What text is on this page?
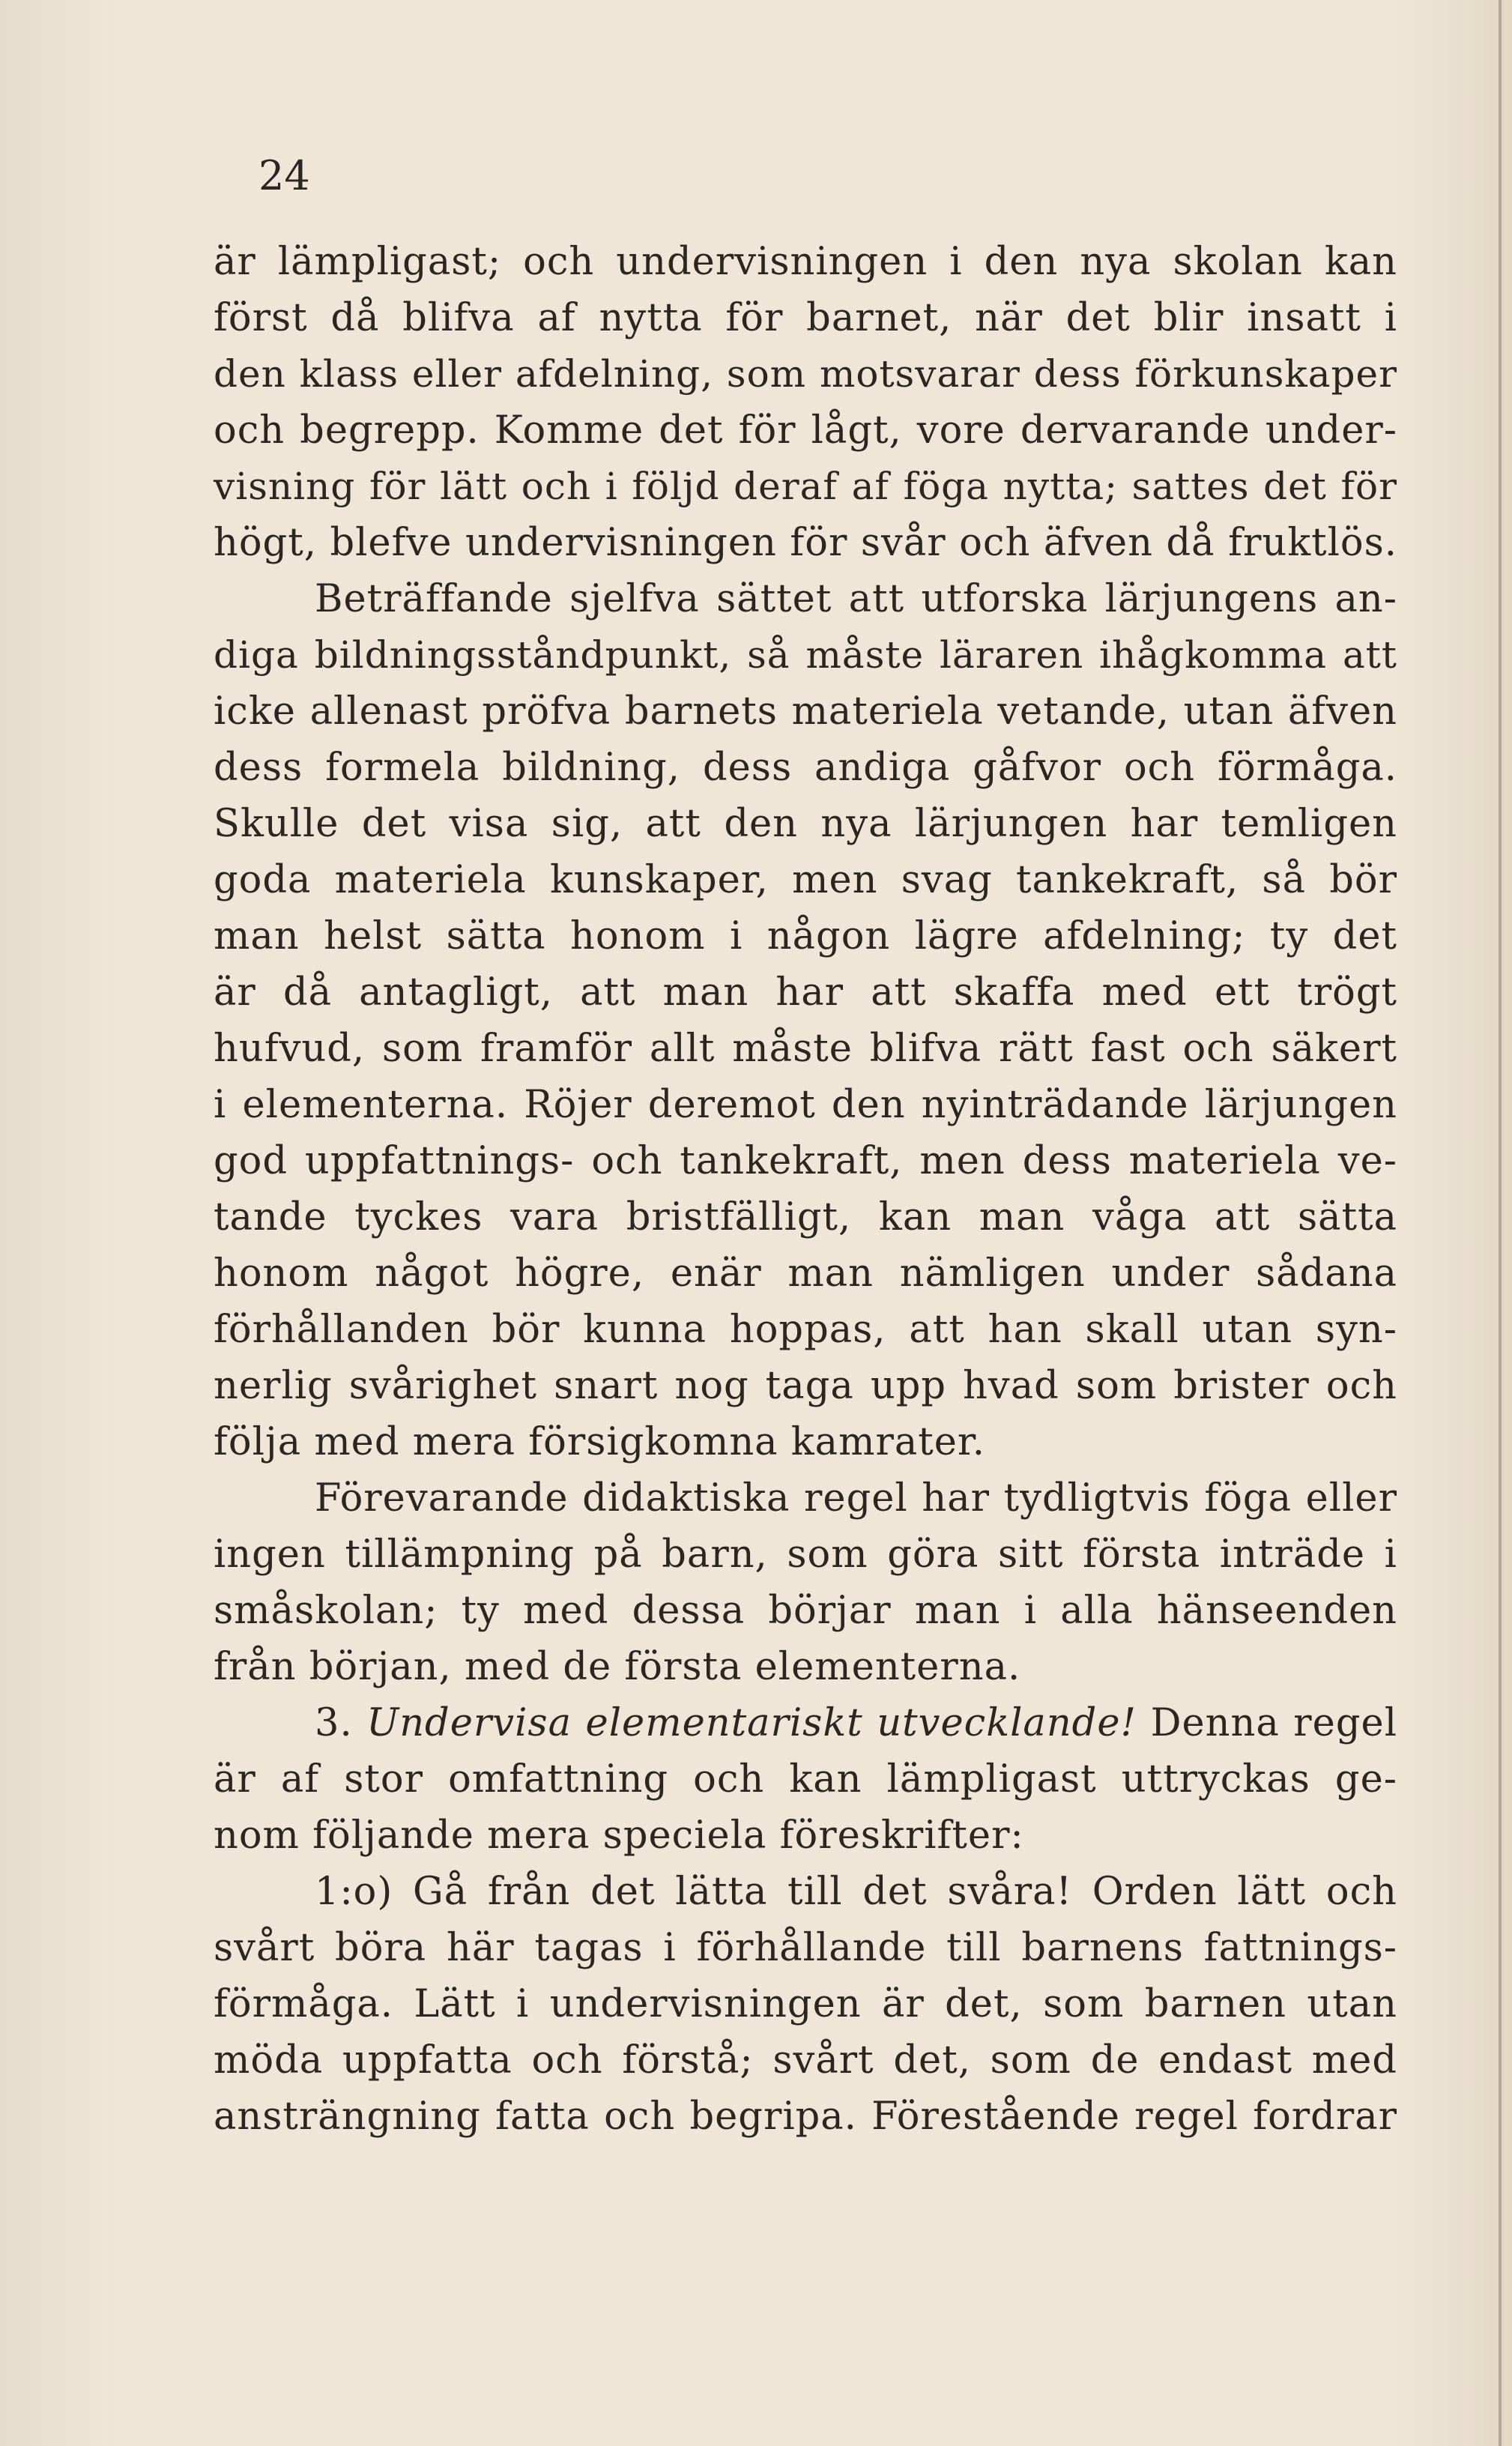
24
är lämpligast; och undervisningen i den nya skolan kan
först då blifva af nytta för barnet, när det blir insatt i
den klass eller afdelning, som motsvarar dess förkunskaper
och begrepp. Komme det för lågt, vore dervarande under-
visning för lätt och i följd deraf af föga nytta; sattes det för
högt, blefve undervisningen för svår och äfven då fruktlös.
Beträffande sjelfva sättet att utforska lärjungens an-
diga bildningsståndpunkt, så måste läraren ihågkomma att
icke allenast pröfva barnets materiela vetande, utan äfven
dess formela bildning, dess andiga gåfvor och förmåga.
Skulle det visa sig, att den nya lärjungen har temligen
goda materiela kunskaper, men svag tankekraft, så bör
man helst sätta honom i någon lägre afdelning; ty det
är då antagligt, att man har att skaffa med ett trögt
hufvud, som framför allt måste blifva rätt fast och säkert
i elementerna. Röjer deremot den nyinträdande lärjungen
god uppfattnings- och tankekraft, men dess materiela ve-
tande tyckes vara bristfälligt, kan man våga att sätta
honom något högre, enär man nämligen under sådana
förhållanden bör kunna hoppas, att han skall utan syn-
nerlig svårighet snart nog taga upp hvad som brister och
följa med mera försigkomna kamrater.
Förevarande didaktiska regel har tydligtvis föga eller
ingen tillämpning på barn, som göra sitt första inträde i
småskolan; ty med dessa börjar man i alla hänseenden
från början, med de första elementerna.
3. Undervisa elementariskt utvecklande! Denna regel
är af stor omfattning och kan lämpligast uttryckas ge-
nom följande mera speciela föreskrifter:
1:o) Gå från det lätta till det svåra! Orden lätt och
svårt böra här tagas i förhållande till barnens fattnings-
förmåga. Lätt i undervisningen är det, som barnen utan
möda uppfatta och förstå; svårt det, som de endast med
ansträngning fatta och begripa. Förestående regel fordrar
